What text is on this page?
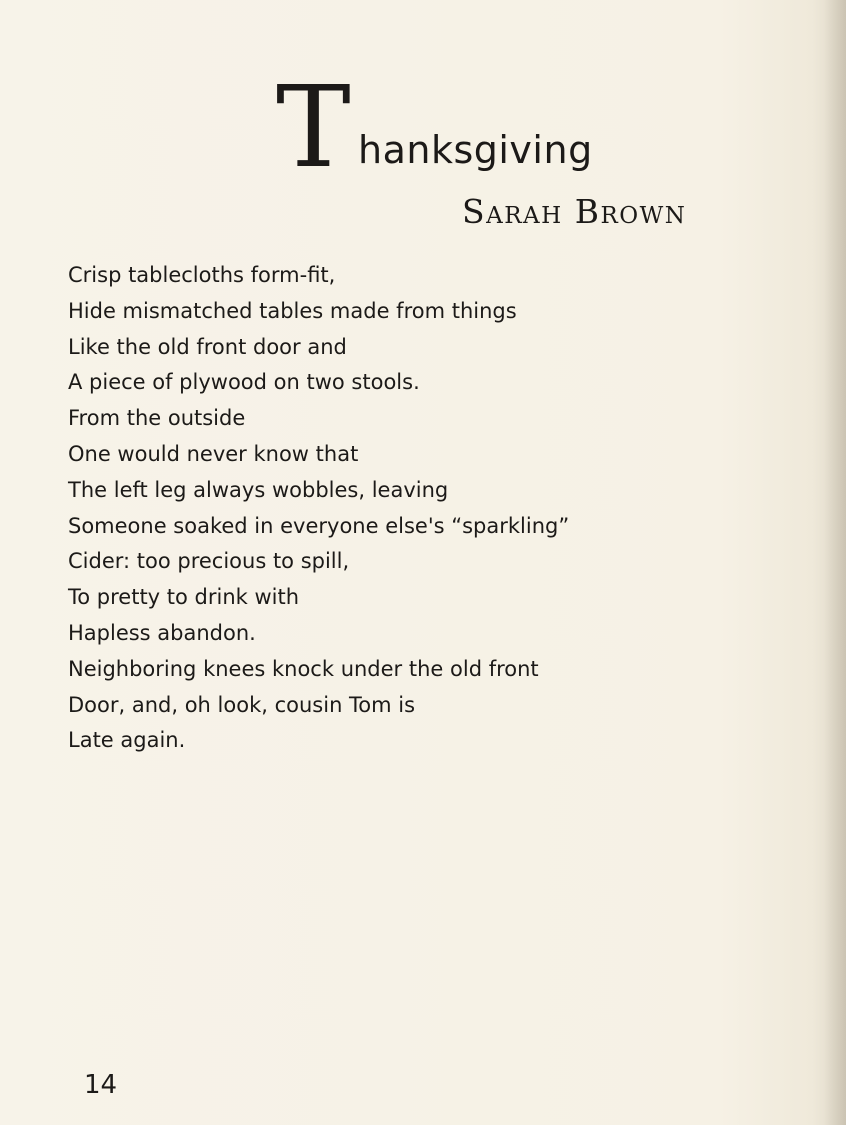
T hanksgiving
Sarah Brown
Crisp tablecloths form-fit,
Hide mismatched tables made from things
Like the old front door and
A piece of plywood on two stools.
From the outside
One would never know that
The left leg always wobbles, leaving
Someone soaked in everyone else's “sparkling”
Cider: too precious to spill,
To pretty to drink with
Hapless abandon.
Neighboring knees knock under the old front
Door, and, oh look, cousin Tom is
Late again.
14
